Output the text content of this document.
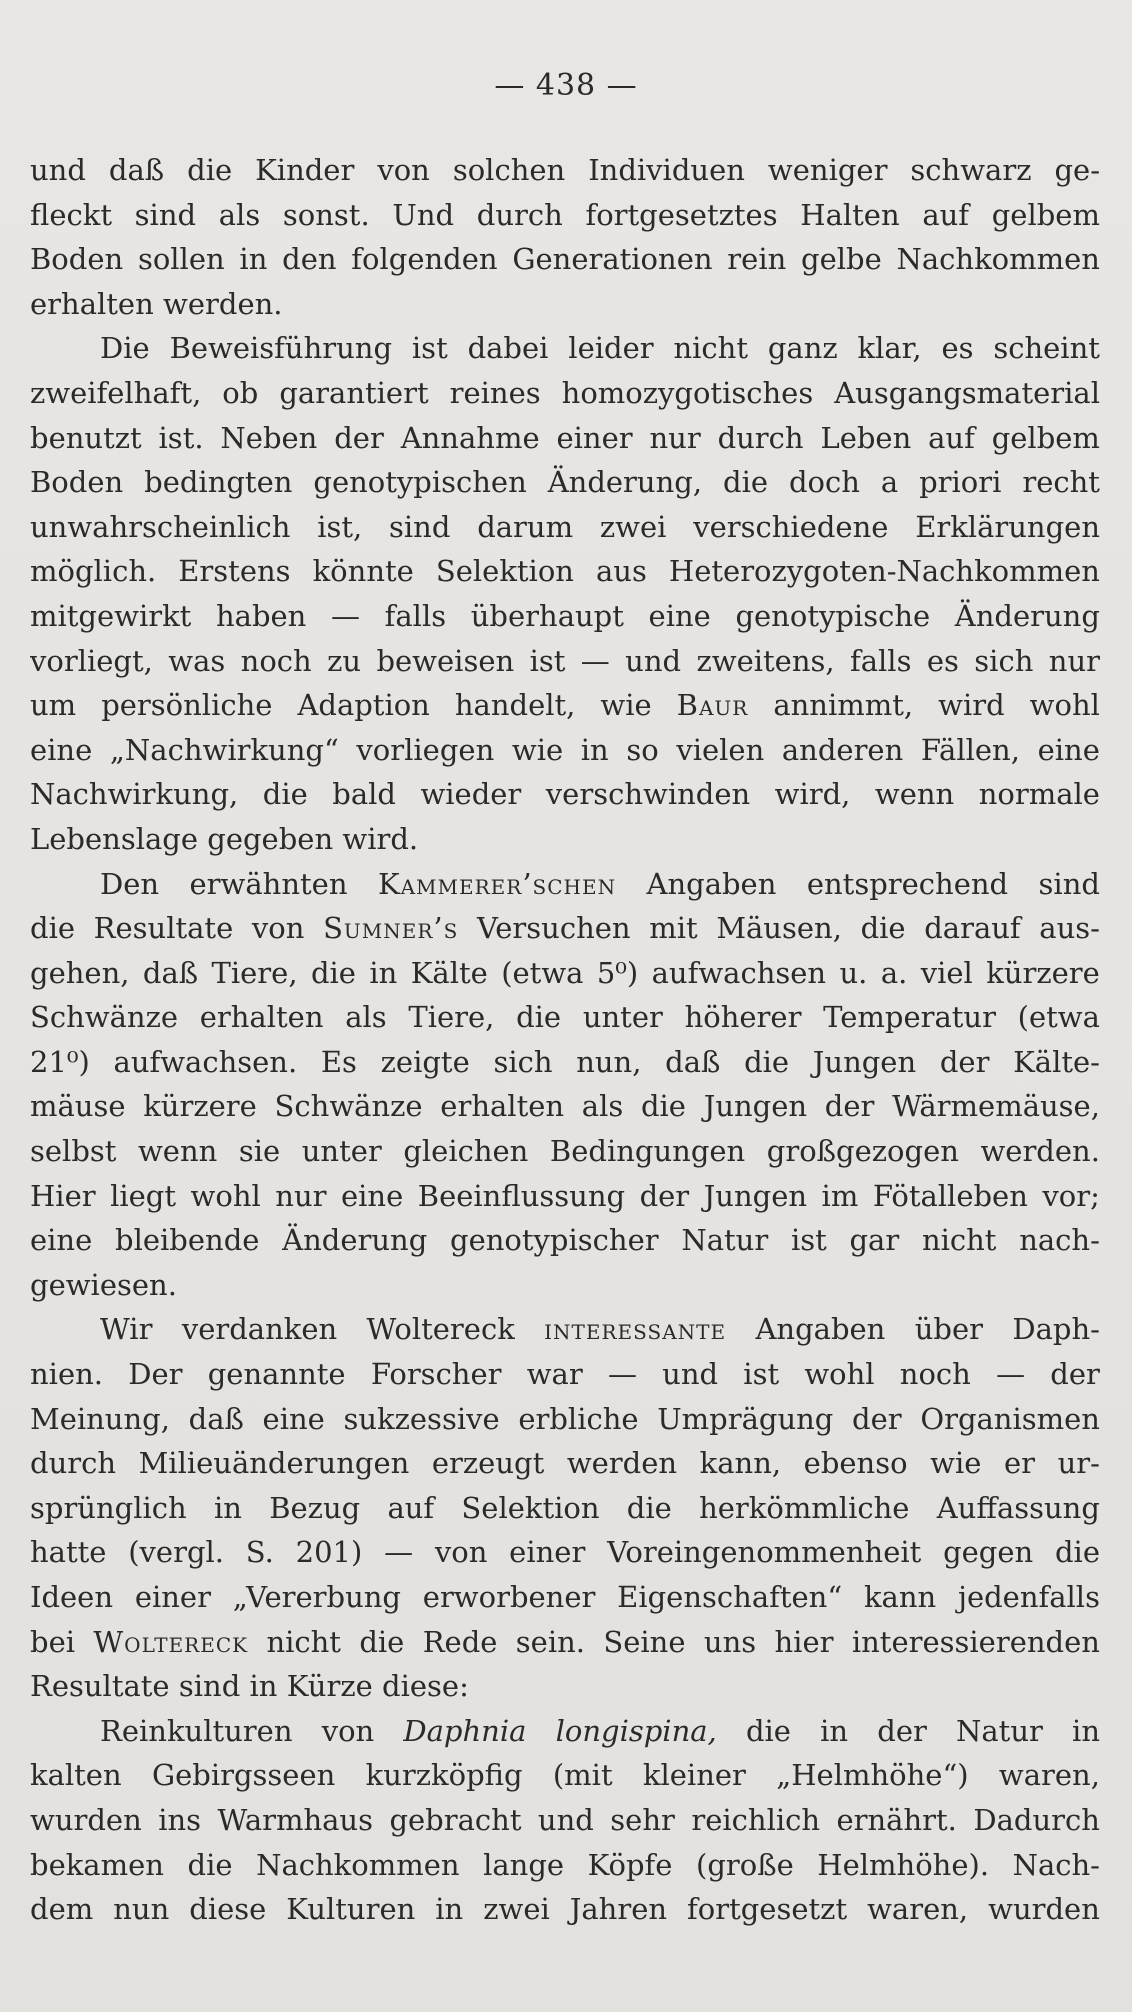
— 438 —
und daß die Kinder von solchen Individuen weniger schwarz ge-
fleckt sind als sonst. Und durch fortgesetztes Halten auf gelbem
Boden sollen in den folgenden Generationen rein gelbe Nachkommen
erhalten werden.
Die Beweisführung ist dabei leider nicht ganz klar, es scheint
zweifelhaft, ob garantiert reines homozygotisches Ausgangsmaterial
benutzt ist. Neben der Annahme einer nur durch Leben auf gelbem
Boden bedingten genotypischen Änderung, die doch a priori recht
unwahrscheinlich ist, sind darum zwei verschiedene Erklärungen
möglich. Erstens könnte Selektion aus Heterozygoten-Nachkommen
mitgewirkt haben — falls überhaupt eine genotypische Änderung
vorliegt, was noch zu beweisen ist — und zweitens, falls es sich nur
um persönliche Adaption handelt, wie Baur annimmt, wird wohl
eine „Nachwirkung“ vorliegen wie in so vielen anderen Fällen, eine
Nachwirkung, die bald wieder verschwinden wird, wenn normale
Lebenslage gegeben wird.
Den erwähnten Kammerer’schen Angaben entsprechend sind
die Resultate von Sumner’s Versuchen mit Mäusen, die darauf aus-
gehen, daß Tiere, die in Kälte (etwa 5⁰) aufwachsen u. a. viel kürzere
Schwänze erhalten als Tiere, die unter höherer Temperatur (etwa
21⁰) aufwachsen. Es zeigte sich nun, daß die Jungen der Kälte-
mäuse kürzere Schwänze erhalten als die Jungen der Wärmemäuse,
selbst wenn sie unter gleichen Bedingungen großgezogen werden.
Hier liegt wohl nur eine Beeinflussung der Jungen im Fötalleben vor;
eine bleibende Änderung genotypischer Natur ist gar nicht nach-
gewiesen.
Wir verdanken Woltereck interessante Angaben über Daph-
nien. Der genannte Forscher war — und ist wohl noch — der
Meinung, daß eine sukzessive erbliche Umprägung der Organismen
durch Milieuänderungen erzeugt werden kann, ebenso wie er ur-
sprünglich in Bezug auf Selektion die herkömmliche Auffassung
hatte (vergl. S. 201) — von einer Voreingenommenheit gegen die
Ideen einer „Vererbung erworbener Eigenschaften“ kann jedenfalls
bei Woltereck nicht die Rede sein. Seine uns hier interessierenden
Resultate sind in Kürze diese:
Reinkulturen von Daphnia longispina, die in der Natur in
kalten Gebirgsseen kurzköpfig (mit kleiner „Helmhöhe“) waren,
wurden ins Warmhaus gebracht und sehr reichlich ernährt. Dadurch
bekamen die Nachkommen lange Köpfe (große Helmhöhe). Nach-
dem nun diese Kulturen in zwei Jahren fortgesetzt waren, wurden
